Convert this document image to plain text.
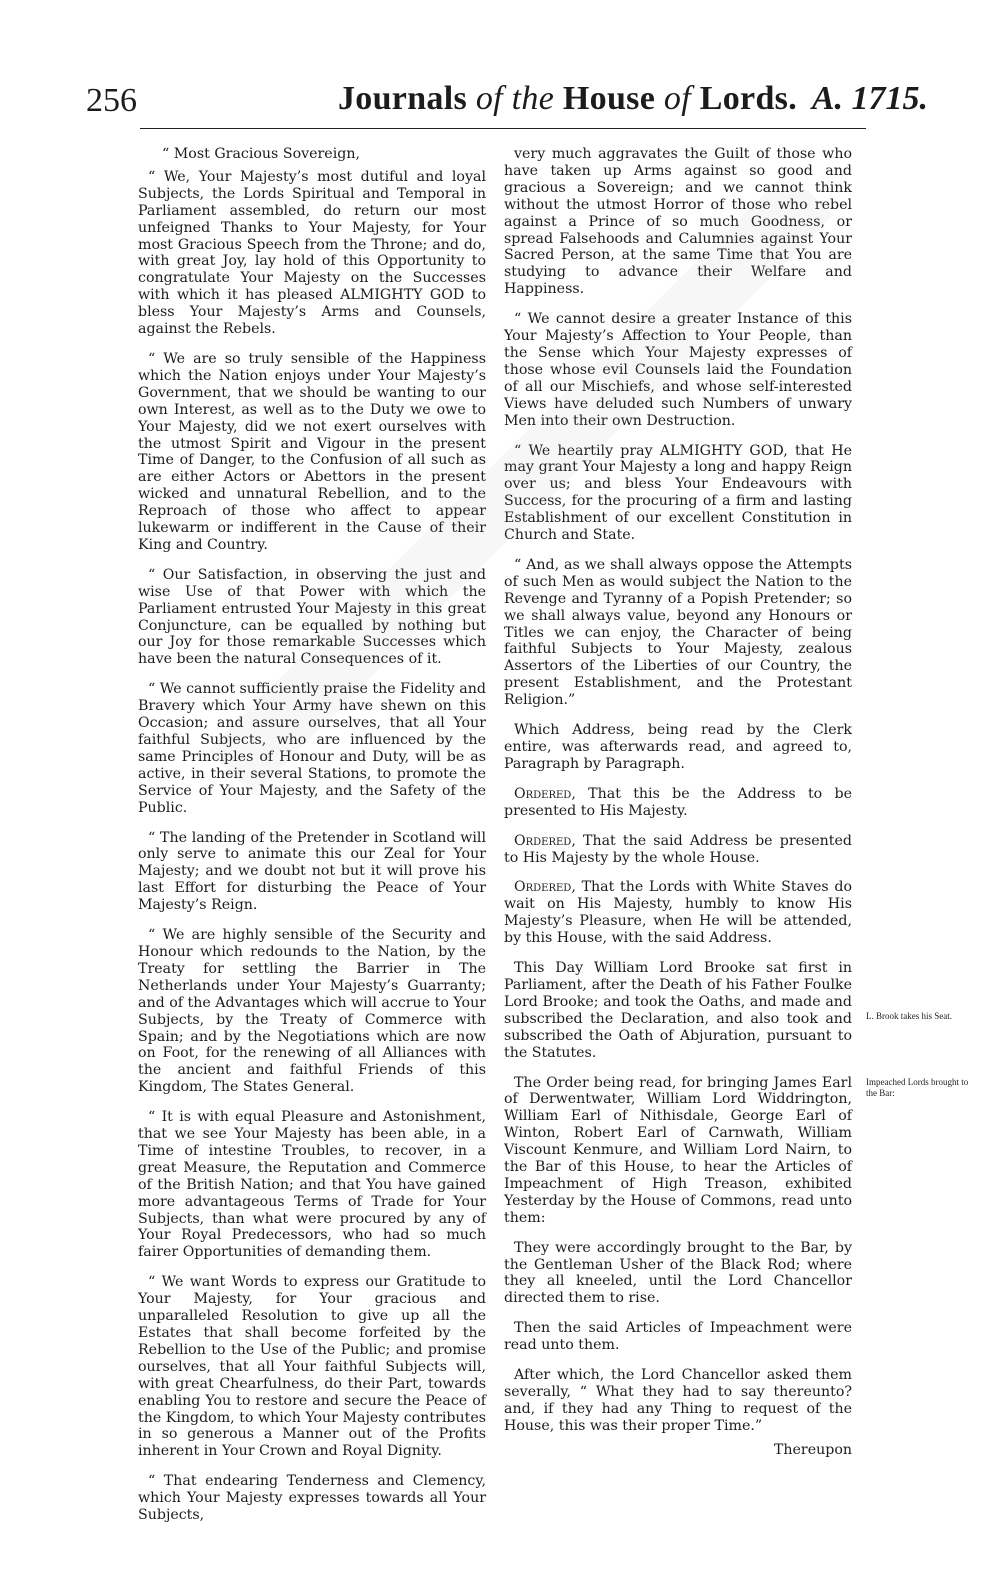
256	Journals of the House of Lords. A. 1715.

“ Most Gracious Sovereign,

“ We, Your Majesty’s most dutiful and loyal Subjects, the Lords Spiritual and Temporal in Parliament assembled, do return our most unfeigned Thanks to Your Majesty, for Your most Gracious Speech from the Throne; and do, with great Joy, lay hold of this Opportunity to congratulate Your Majesty on the Successes with which it has pleased ALMIGHTY GOD to bless Your Majesty’s Arms and Counsels, against the Rebels.

“ We are so truly sensible of the Happiness which the Nation enjoys under Your Majesty’s Government, that we should be wanting to our own Interest, as well as to the Duty we owe to Your Majesty, did we not exert ourselves with the utmost Spirit and Vigour in the present Time of Danger, to the Confusion of all such as are either Actors or Abettors in the present wicked and unnatural Rebellion, and to the Reproach of those who affect to appear lukewarm or indifferent in the Cause of their King and Country.

“ Our Satisfaction, in observing the just and wise Use of that Power with which the Parliament entrusted Your Majesty in this great Conjuncture, can be equalled by nothing but our Joy for those remarkable Successes which have been the natural Consequences of it.

“ We cannot sufficiently praise the Fidelity and Bravery which Your Army have shewn on this Occasion; and assure ourselves, that all Your faithful Subjects, who are influenced by the same Principles of Honour and Duty, will be as active, in their several Stations, to promote the Service of Your Majesty, and the Safety of the Public.

“ The landing of the Pretender in Scotland will only serve to animate this our Zeal for Your Majesty; and we doubt not but it will prove his last Effort for disturbing the Peace of Your Majesty’s Reign.

“ We are highly sensible of the Security and Honour which redounds to the Nation, by the Treaty for settling the Barrier in The Netherlands under Your Majesty’s Guarranty; and of the Advantages which will accrue to Your Subjects, by the Treaty of Commerce with Spain; and by the Negotiations which are now on Foot, for the renewing of all Alliances with the ancient and faithful Friends of this Kingdom, The States General.

“ It is with equal Pleasure and Astonishment, that we see Your Majesty has been able, in a Time of intestine Troubles, to recover, in a great Measure, the Reputation and Commerce of the British Nation; and that You have gained more advantageous Terms of Trade for Your Subjects, than what were procured by any of Your Royal Predecessors, who had so much fairer Opportunities of demanding them.

“ We want Words to express our Gratitude to Your Majesty, for Your gracious and unparalleled Resolution to give up all the Estates that shall become forfeited by the Rebellion to the Use of the Public; and promise ourselves, that all Your faithful Subjects will, with great Chearfulness, do their Part, towards enabling You to restore and secure the Peace of the Kingdom, to which Your Majesty contributes in so generous a Manner out of the Profits inherent in Your Crown and Royal Dignity.

“ That endearing Tenderness and Clemency, which Your Majesty expresses towards all Your Subjects,

very much aggravates the Guilt of those who have taken up Arms against so good and gracious a Sovereign; and we cannot think without the utmost Horror of those who rebel against a Prince of so much Goodness, or spread Falsehoods and Calumnies against Your Sacred Person, at the same Time that You are studying to advance their Welfare and Happiness.

“ We cannot desire a greater Instance of this Your Majesty’s Affection to Your People, than the Sense which Your Majesty expresses of those whose evil Counsels laid the Foundation of all our Mischiefs, and whose self-interested Views have deluded such Numbers of unwary Men into their own Destruction.

“ We heartily pray ALMIGHTY GOD, that He may grant Your Majesty a long and happy Reign over us; and bless Your Endeavours with Success, for the procuring of a firm and lasting Establishment of our excellent Constitution in Church and State.

“ And, as we shall always oppose the Attempts of such Men as would subject the Nation to the Revenge and Tyranny of a Popish Pretender; so we shall always value, beyond any Honours or Titles we can enjoy, the Character of being faithful Subjects to Your Majesty, zealous Assertors of the Liberties of our Country, the present Establishment, and the Protestant Religion.”

Which Address, being read by the Clerk entire, was afterwards read, and agreed to, Paragraph by Paragraph.

Ordered, That this be the Address to be presented to His Majesty.

Ordered, That the said Address be presented to His Majesty by the whole House.

Ordered, That the Lords with White Staves do wait on His Majesty, humbly to know His Majesty’s Pleasure, when He will be attended, by this House, with the said Address.

This Day William Lord Brooke sat first in Parliament, after the Death of his Father Foulke Lord Brooke; and took the Oaths, and made and subscribed the Declaration, and also took and subscribed the Oath of Abjuration, pursuant to the Statutes.

The Order being read, for bringing James Earl of Derwentwater, William Lord Widdrington, William Earl of Nithisdale, George Earl of Winton, Robert Earl of Carnwath, William Viscount Kenmure, and William Lord Nairn, to the Bar of this House, to hear the Articles of Impeachment of High Treason, exhibited Yesterday by the House of Commons, read unto them:

They were accordingly brought to the Bar, by the Gentleman Usher of the Black Rod; where they all kneeled, until the Lord Chancellor directed them to rise.

Then the said Articles of Impeachment were read unto them.

After which, the Lord Chancellor asked them severally, “ What they had to say thereunto? and, if they had any Thing to request of the House, this was their proper Time.”

Thereupon

L. Brook takes his Seat.
Impeached Lords brought to the Bar:
